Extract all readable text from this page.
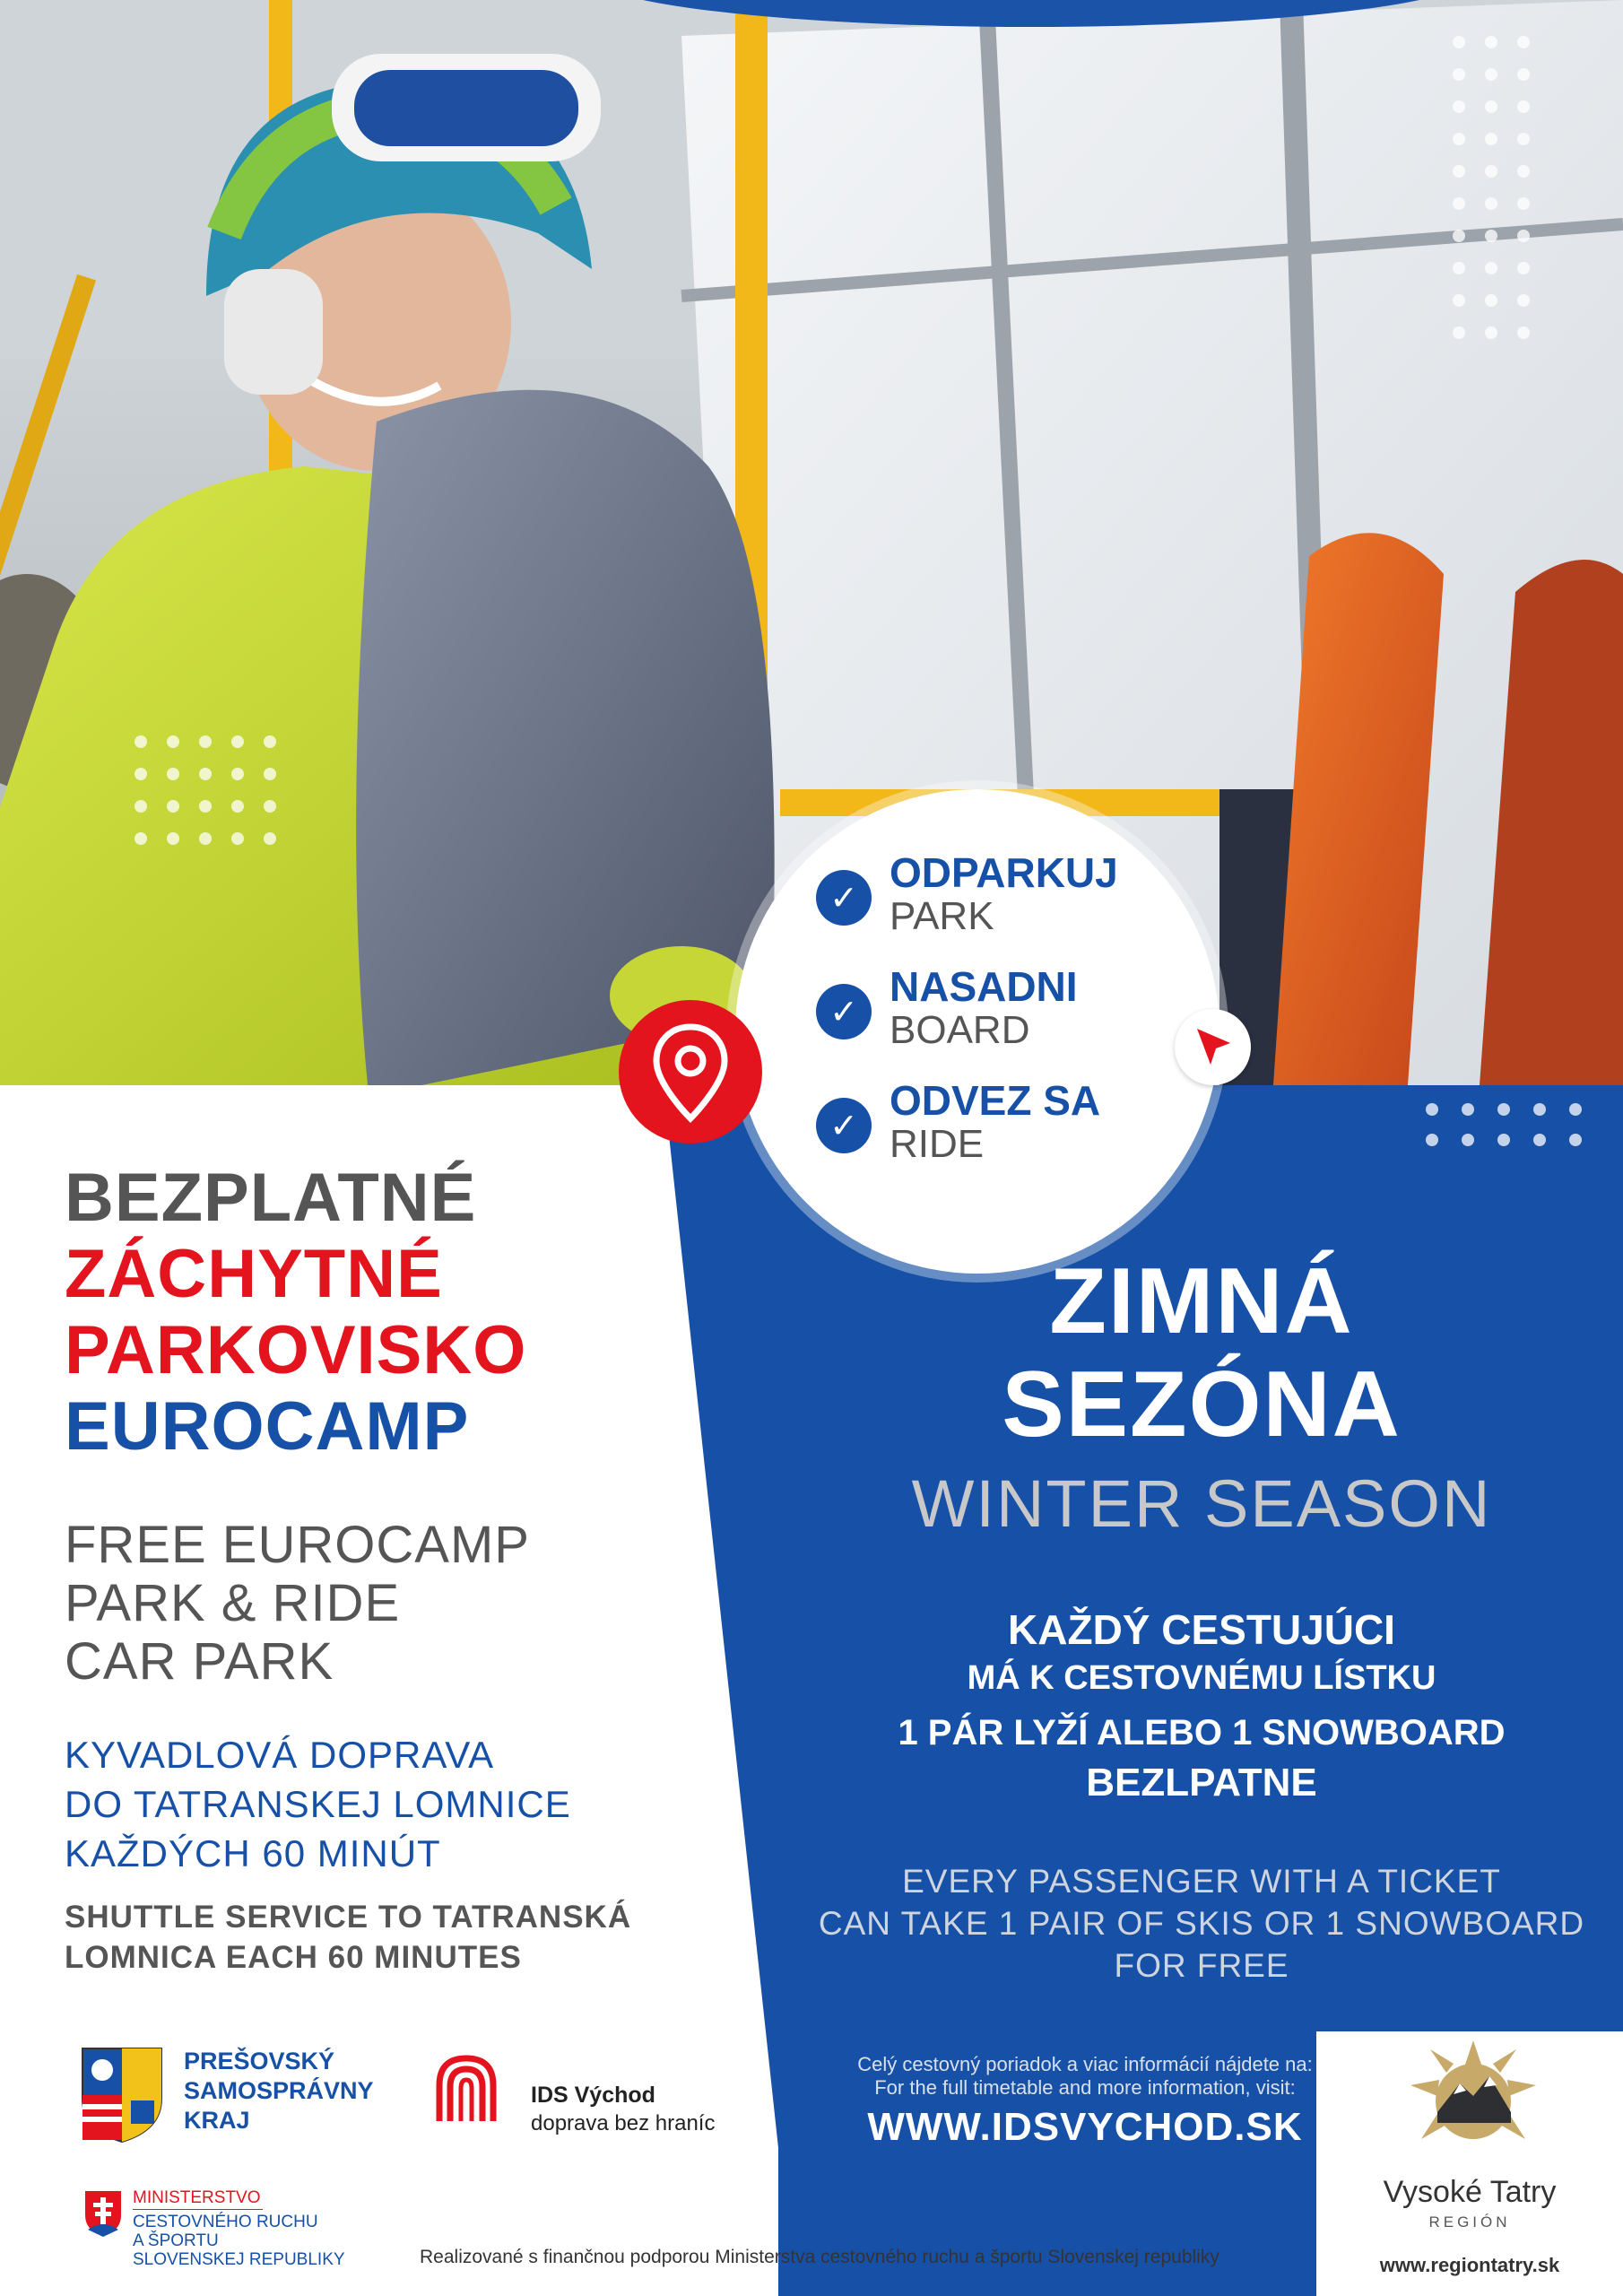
✓
ODPARKUJ
PARK
✓
NASADNI
BOARD
✓
ODVEZ SA
RIDE
BEZPLATNÉ
ZÁCHYTNÉ
PARKOVISKO
EUROCAMP
FREE EUROCAMP
PARK & RIDE
CAR PARK
KYVADLOVÁ DOPRAVA
DO TATRANSKEJ LOMNICE
KAŽDÝCH 60 MINÚT
SHUTTLE SERVICE TO TATRANSKÁ
LOMNICA EACH 60 MINUTES
ZIMNÁ
SEZÓNA
WINTER SEASON
KAŽDÝ CESTUJÚCI
MÁ K CESTOVNÉMU LÍSTKU
1 PÁR LYŽÍ ALEBO 1 SNOWBOARD
BEZLPATNE
EVERY PASSENGER WITH A TICKET
CAN TAKE 1 PAIR OF SKIS OR 1 SNOWBOARD
FOR FREE
Celý cestovný poriadok a viac informácií nájdete na:
For the full timetable and more information, visit:
WWW.IDSVYCHOD.SK
Vysoké Tatry
REGIÓN
www.regiontatry.sk
PREŠOVSKÝ
SAMOSPRÁVNY
KRAJ
IDS Východ
doprava bez hraníc
MINISTERSTVO
CESTOVNÉHO RUCHU
A ŠPORTU
SLOVENSKEJ REPUBLIKY	Realizované s finančnou podporou Ministerstva cestovného ruchu a športu Slovenskej republiky
